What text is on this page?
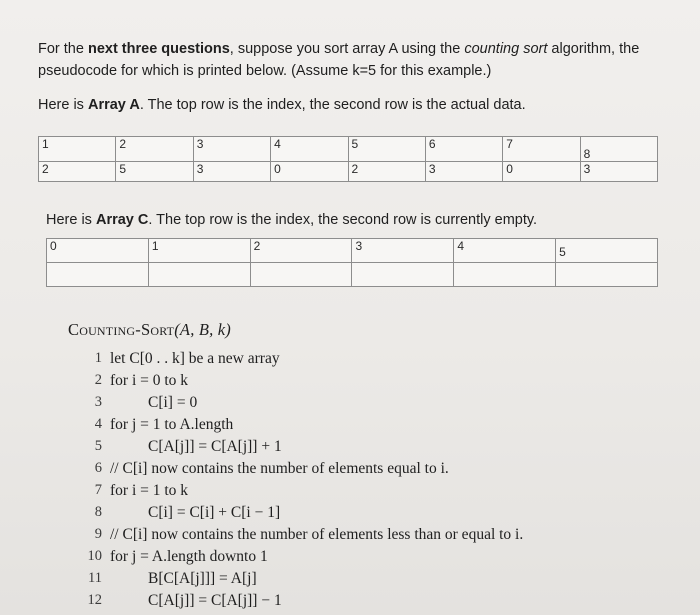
For the next three questions, suppose you sort array A using the counting sort algorithm, the pseudocode for which is printed below. (Assume k=5 for this example.)
Here is Array A. The top row is the index, the second row is the actual data.
1	2	3	4	5	6	7	8
2	5	3	0	2	3	0	3
Here is Array C. The top row is the index, the second row is currently empty.
0	1	2	3	4	5

Counting-Sort(A, B, k)
1 let C[0 . . k] be a new array
2 for i = 0 to k
3	C[i] = 0
4 for j = 1 to A.length
5	C[A[j]] = C[A[j]] + 1
6 // C[i] now contains the number of elements equal to i.
7 for i = 1 to k
8	C[i] = C[i] + C[i − 1]
9 // C[i] now contains the number of elements less than or equal to i.
10 for j = A.length downto 1
11	B[C[A[j]]] = A[j]
12	C[A[j]] = C[A[j]] − 1
